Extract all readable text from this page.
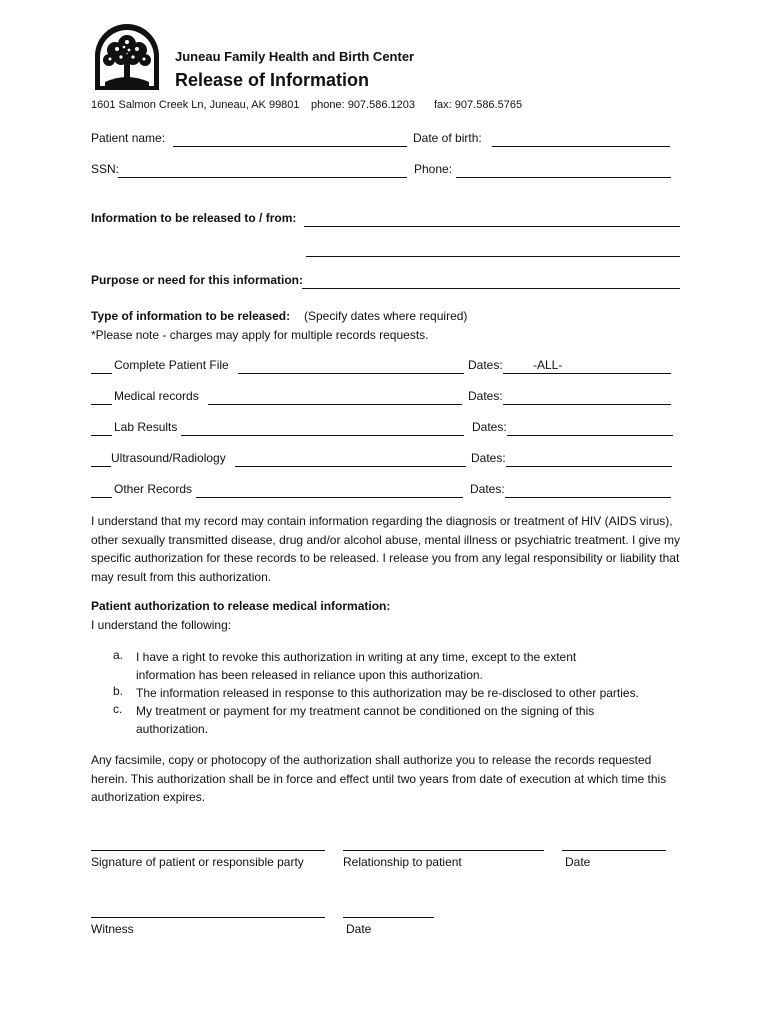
Juneau Family Health and Birth Center
Release of Information
1601 Salmon Creek Ln, Juneau, AK 99801 phone: 907.586.1203 fax: 907.586.5765
Patient name:	Date of birth:
SSN:	Phone:
Information to be released to / from:
Purpose or need for this information:
Type of information to be released: (Specify dates where required)
*Please note - charges may apply for multiple records requests.
Complete Patient File	Dates:	-ALL-
Medical records	Dates:
Lab Results	Dates:
Ultrasound/Radiology	Dates:
Other Records	Dates:
I understand that my record may contain information regarding the diagnosis or treatment of HIV (AIDS virus), other sexually transmitted disease, drug and/or alcohol abuse, mental illness or psychiatric treatment. I give my specific authorization for these records to be released. I release you from any legal responsibility or liability that may result from this authorization.
Patient authorization to release medical information:
I understand the following:
a. I have a right to revoke this authorization in writing at any time, except to the extent information has been released in reliance upon this authorization.
b. The information released in response to this authorization may be re-disclosed to other parties.
c. My treatment or payment for my treatment cannot be conditioned on the signing of this authorization.
Any facsimile, copy or photocopy of the authorization shall authorize you to release the records requested herein. This authorization shall be in force and effect until two years from date of execution at which time this authorization expires.
Signature of patient or responsible party	Relationship to patient	Date
Witness	Date
